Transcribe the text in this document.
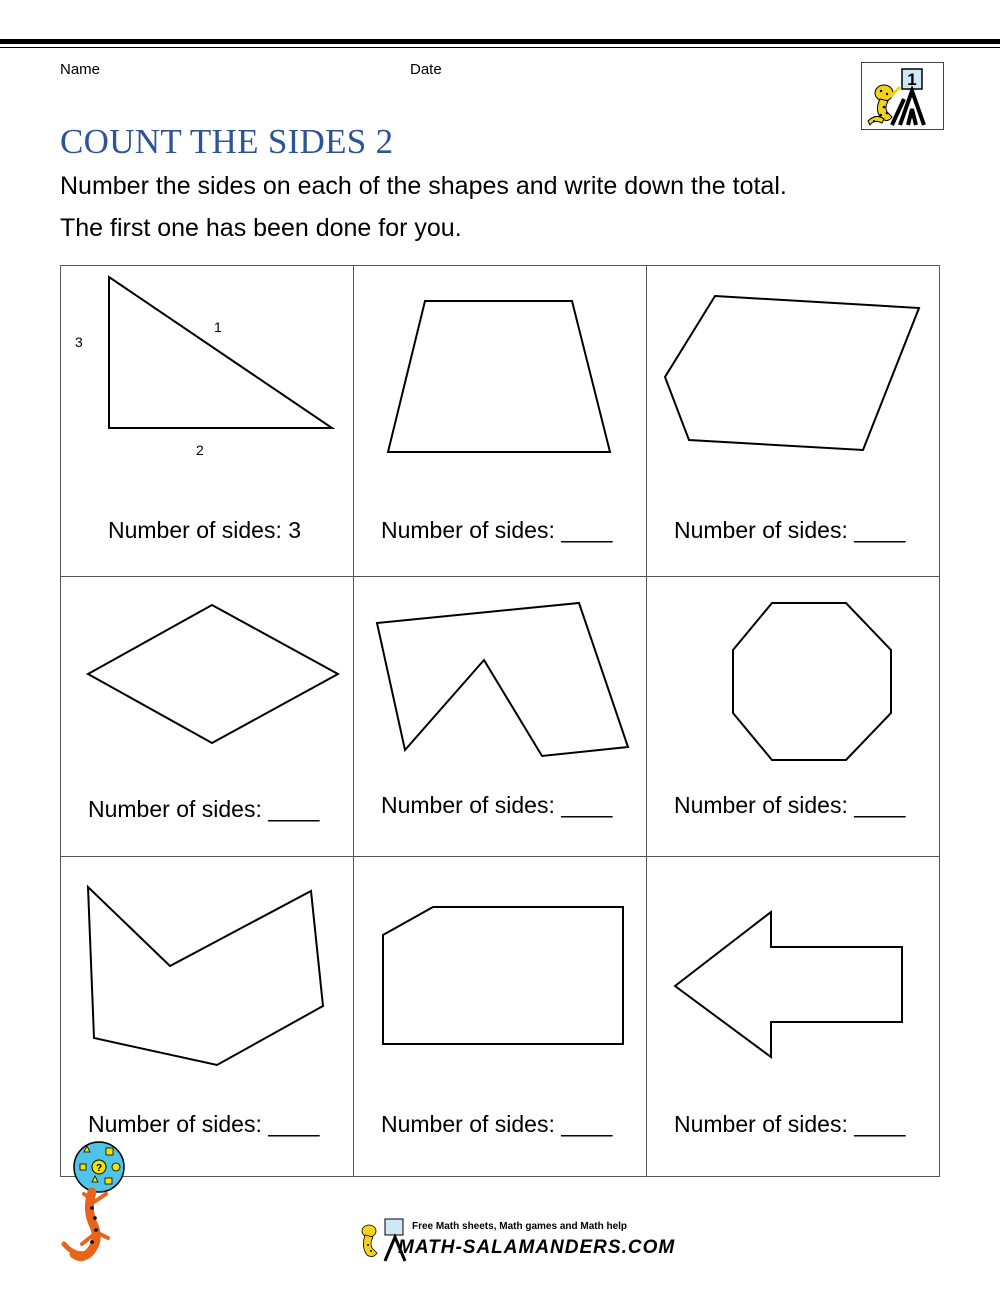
Name	Date
1
COUNT THE SIDES 2
Number the sides on each of the shapes and write down the total.
The first one has been done for you.
1
2
3
Number of sides: 3	Number of sides: ____	Number of sides: ____
Number of sides: ____	Number of sides: ____	Number of sides: ____
Number of sides: ____	Number of sides: ____	Number of sides: ____
?
Free Math sheets, Math games and Math help
MATH-SALAMANDERS.COM
